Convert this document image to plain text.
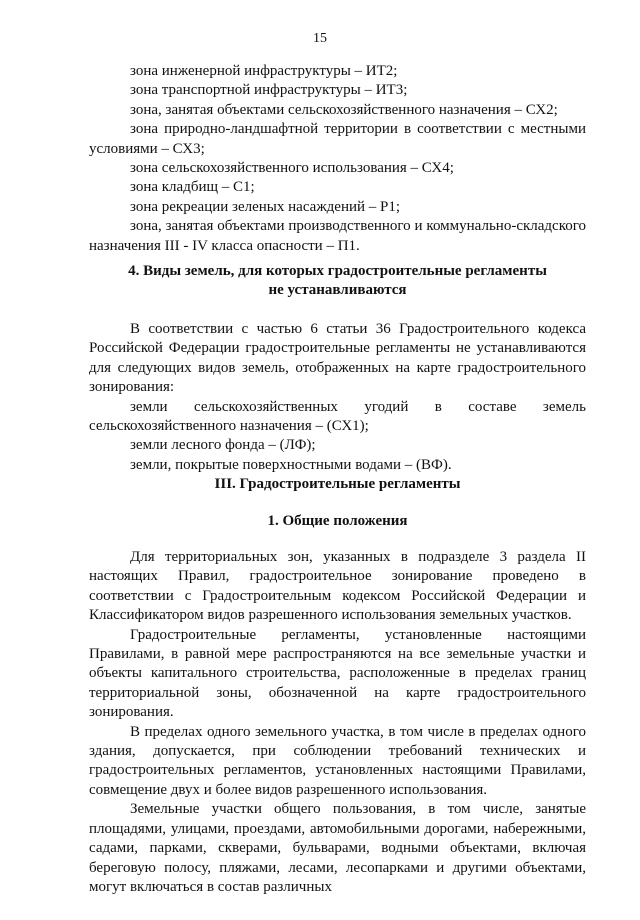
15

зона инженерной инфраструктуры – ИТ2;

зона транспортной инфраструктуры – ИТ3;

зона, занятая объектами сельскохозяйственного назначения – СХ2;

зона природно-ландшафтной территории в соответствии с местными условиями – СХ3;

зона сельскохозяйственного использования – СХ4;

зона кладбищ – С1;

зона рекреации зеленых насаждений – Р1;

зона, занятая объектами производственного и коммунально-складского назначения III - IV класса опасности – П1.

4. Виды земель, для которых градостроительные регламенты

не устанавливаются

В соответствии с частью 6 статьи 36 Градостроительного кодекса Российской Федерации градостроительные регламенты не устанавливаются для следующих видов земель, отображенных на карте градостроительного зонирования:

земли сельскохозяйственных угодий в составе земель сельскохозяйственного назначения – (СХ1);

земли лесного фонда – (ЛФ);

земли, покрытые поверхностными водами – (ВФ).

III. Градостроительные регламенты

1. Общие положения

Для территориальных зон, указанных в подразделе 3 раздела II настоящих Правил, градостроительное зонирование проведено в соответствии с Градостроительным кодексом Российской Федерации и Классификатором видов разрешенного использования земельных участков.

Градостроительные регламенты, установленные настоящими Правилами, в равной мере распространяются на все земельные участки и объекты капитального строительства, расположенные в пределах границ территориальной зоны, обозначенной на карте градостроительного зонирования.

В пределах одного земельного участка, в том числе в пределах одного здания, допускается, при соблюдении требований технических и градостроительных регламентов, установленных настоящими Правилами, совмещение двух и более видов разрешенного использования.

Земельные участки общего пользования, в том числе, занятые площадями, улицами, проездами, автомобильными дорогами, набережными, садами, парками, скверами, бульварами, водными объектами, включая береговую полосу, пляжами, лесами, лесопарками и другими объектами, могут включаться в состав различных
